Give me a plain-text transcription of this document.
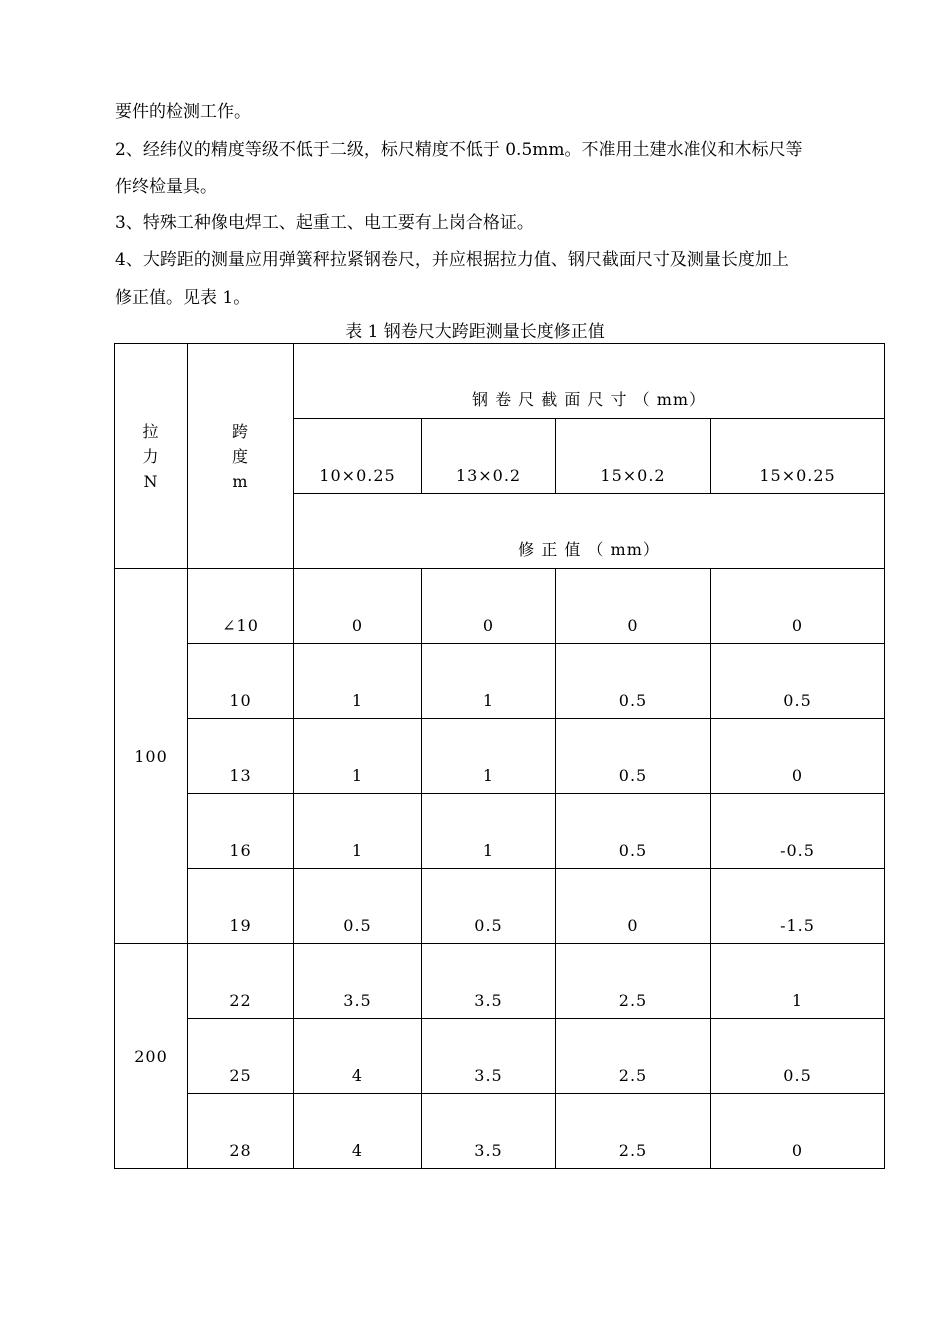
要件的检测工作。
2、经纬仪的精度等级不低于二级，标尺精度不低于 0.5mm。不准用土建水准仪和木标尺等
作终检量具。
3、特殊工种像电焊工、起重工、电工要有上岗合格证。
4、大跨距的测量应用弹簧秤拉紧钢卷尺，并应根据拉力值、钢尺截面尺寸及测量长度加上
修正值。见表 1。
表 1 钢卷尺大跨距测量长度修正值
拉
力
N	跨
度
m	钢 卷 尺 截 面 尺 寸 （ mm）			
		10×0.25	13×0.2	15×0.2	15×0.25
		修 正 值 （ mm）			
100	∠10	0	0	0	0
	10	1	1	0.5	0.5
	13	1	1	0.5	0
	16	1	1	0.5	-0.5
	19	0.5	0.5	0	-1.5
200	22	3.5	3.5	2.5	1
	25	4	3.5	2.5	0.5
	28	4	3.5	2.5	0
